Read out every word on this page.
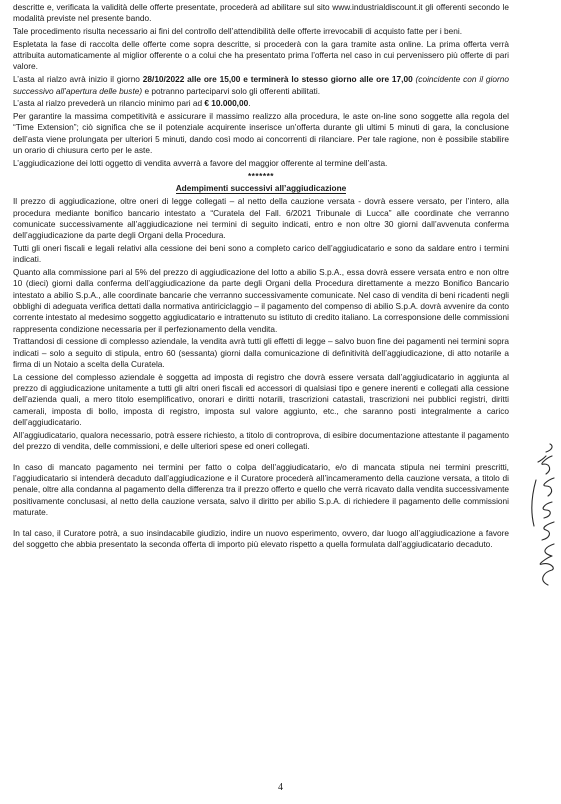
descritte e, verificata la validità delle offerte presentate, procederà ad abilitare sul sito www.industrialdiscount.it gli offerenti secondo le modalità previste nel presente bando.

Tale procedimento risulta necessario ai fini del controllo dell’attendibilità delle offerte irrevocabili di acquisto fatte per i beni.

Espletata la fase di raccolta delle offerte come sopra descritte, si procederà con la gara tramite asta online. La prima offerta verrà attribuita automaticamente al miglior offerente o a colui che ha presentato prima l’offerta nel caso in cui pervenissero più offerte di pari valore.

L’asta al rialzo avrà inizio il giorno 28/10/2022 alle ore 15,00 e terminerà lo stesso giorno alle ore 17,00 (coincidente con il giorno successivo all’apertura delle buste) e potranno parteciparvi solo gli offerenti abilitati.

L’asta al rialzo prevederà un rilancio minimo pari ad € 10.000,00.

Per garantire la massima competitività e assicurare il massimo realizzo alla procedura, le aste on-line sono soggette alla regola del “Time Extension”; ciò significa che se il potenziale acquirente inserisce un’offerta durante gli ultimi 5 minuti di gara, la conclusione dell’asta viene prolungata per ulteriori 5 minuti, dando così modo ai concorrenti di rilanciare. Per tale ragione, non è possibile stabilire un orario di chiusura certo per le aste.

L’aggiudicazione dei lotti oggetto di vendita avverrà a favore del maggior offerente al termine dell’asta.

*******

Adempimenti successivi all’aggiudicazione

Il prezzo di aggiudicazione, oltre oneri di legge collegati – al netto della cauzione versata - dovrà essere versato, per l’intero, alla procedura mediante bonifico bancario intestato a “Curatela del Fall. 6/2021 Tribunale di Lucca” alle coordinate che verranno comunicate successivamente all’aggiudicazione nei termini di seguito indicati, entro e non oltre 30 giorni dall’avvenuta conferma dell’aggiudicazione da parte degli Organi della Procedura.

Tutti gli oneri fiscali e legali relativi alla cessione dei beni sono a completo carico dell’aggiudicatario e sono da saldare entro i termini indicati.

Quanto alla commissione pari al 5% del prezzo di aggiudicazione del lotto a abilio S.p.A., essa dovrà essere versata entro e non oltre 10 (dieci) giorni dalla conferma dell’aggiudicazione da parte degli Organi della Procedura direttamente a mezzo Bonifico Bancario intestato a abilio S.p.A., alle coordinate bancarie che verranno successivamente comunicate. Nel caso di vendita di beni ricadenti negli obblighi di adeguata verifica dettati dalla normativa antiriciclaggio – il pagamento del compenso di abilio S.p.A. dovrà avvenire da conto corrente intestato al medesimo soggetto aggiudicatario e intrattenuto su istituto di credito italiano. La corresponsione delle commissioni rappresenta condizione necessaria per il perfezionamento della vendita.

Trattandosi di cessione di complesso aziendale, la vendita avrà tutti gli effetti di legge – salvo buon fine dei pagamenti nei termini sopra indicati – solo a seguito di stipula, entro 60 (sessanta) giorni dalla comunicazione di definitività dell’aggiudicazione, di atto notarile a firma di un Notaio a scelta della Curatela.

La cessione del complesso aziendale è soggetta ad imposta di registro che dovrà essere versata dall’aggiudicatario in aggiunta al prezzo di aggiudicazione unitamente a tutti gli altri oneri fiscali ed accessori di qualsiasi tipo e genere inerenti e collegati alla cessione dell’azienda quali, a mero titolo esemplificativo, onorari e diritti notarili, trascrizioni catastali, trascrizioni nei pubblici registri, diritti camerali, imposta di bollo, imposta di registro, imposta sul valore aggiunto, etc., che saranno posti integralmente a carico dell’aggiudicatario.

All’aggiudicatario, qualora necessario, potrà essere richiesto, a titolo di controprova, di esibire documentazione attestante il pagamento del prezzo di vendita, delle commissioni, e delle ulteriori spese ed oneri collegati.

In caso di mancato pagamento nei termini per fatto o colpa dell’aggiudicatario, e/o di mancata stipula nei termini prescritti, l’aggiudicatario si intenderà decaduto dall’aggiudicazione e il Curatore procederà all’incameramento della cauzione versata, a titolo di penale, oltre alla condanna al pagamento della differenza tra il prezzo offerto e quello che verrà ricavato dalla vendita successivamente positivamente conclusasi, al netto della cauzione versata, salvo il diritto per abilio S.p.A. di richiedere il pagamento delle commissioni maturate.

In tal caso, il Curatore potrà, a suo insindacabile giudizio, indire un nuovo esperimento, ovvero, dar luogo all’aggiudicazione a favore del soggetto che abbia presentato la seconda offerta di importo più elevato rispetto a quella formulata dall’aggiudicatario decaduto.

4
